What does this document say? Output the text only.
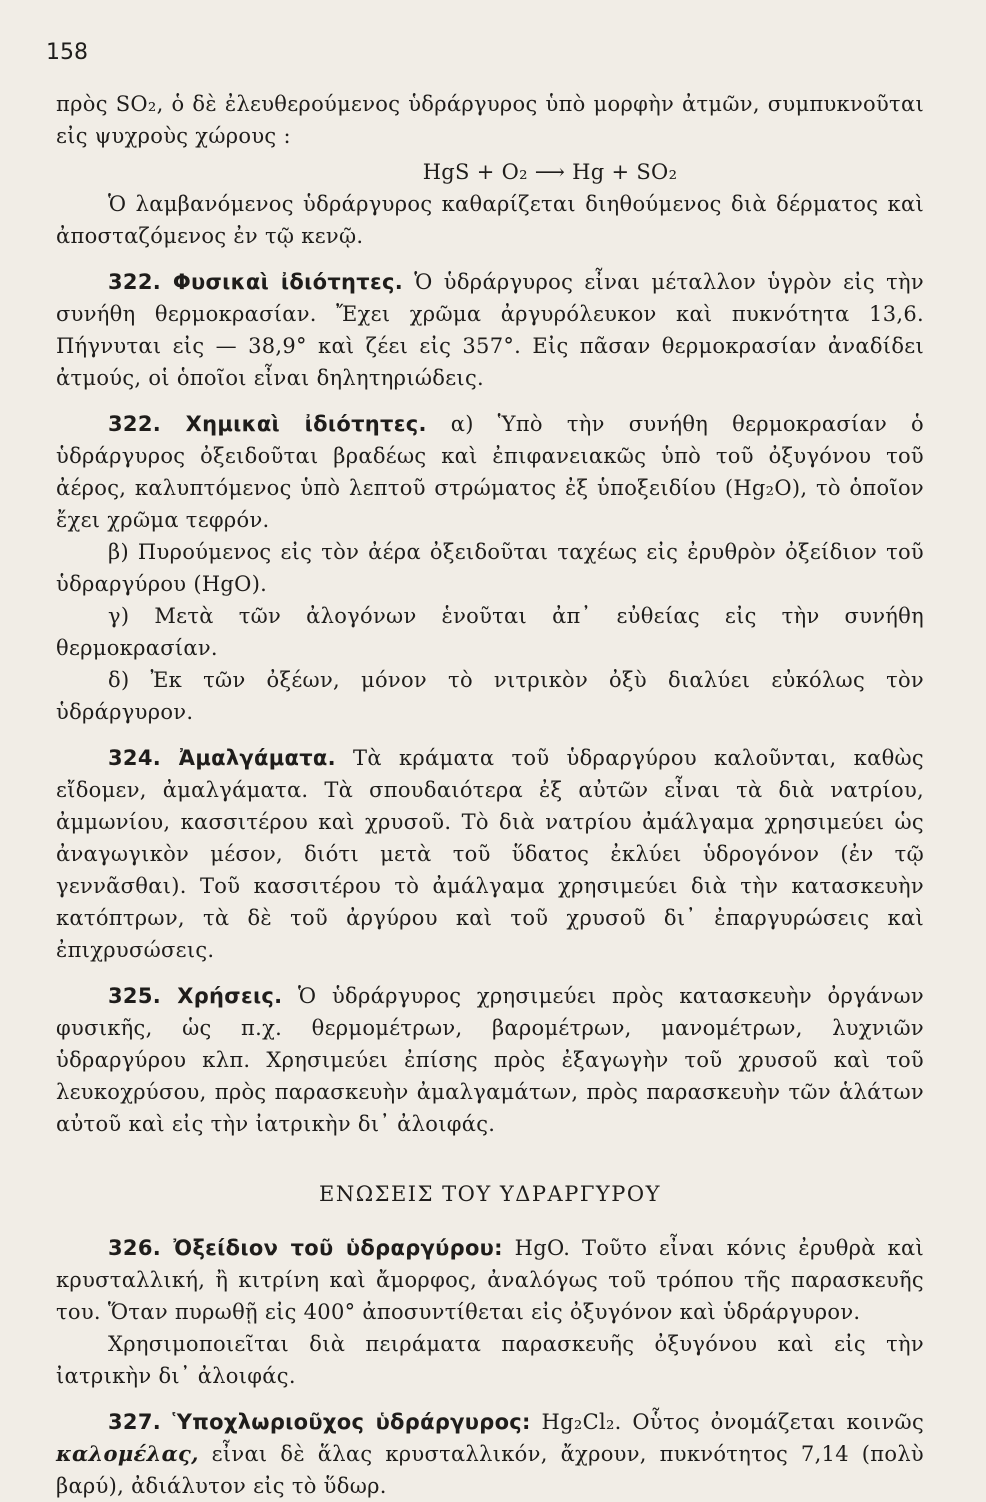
158

πρὸς SO₂, ὁ δὲ ἐλευθερούμενος ὑδράργυρος ὑπὸ μορφὴν ἀτμῶν, συμπυκνοῦται εἰς ψυχροὺς χώρους :

HgS + O₂ ⟶ Hg + SO₂

Ὁ λαμβανόμενος ὑδράργυρος καθαρίζεται διηθούμενος διὰ δέρματος καὶ ἀποσταζόμενος ἐν τῷ κενῷ.

322. Φυσικαὶ ἰδιότητες. Ὁ ὑδράργυρος εἶναι μέταλλον ὑγρὸν εἰς τὴν συνήθη θερμοκρασίαν. Ἔχει χρῶμα ἀργυρόλευκον καὶ πυκνότητα 13,6. Πήγνυται εἰς — 38,9° καὶ ζέει εἰς 357°. Εἰς πᾶσαν θερμοκρασίαν ἀναδίδει ἀτμούς, οἱ ὁποῖοι εἶναι δηλητηριώδεις.

322. Χημικαὶ ἰδιότητες. α) Ὑπὸ τὴν συνήθη θερμοκρασίαν ὁ ὑδράργυρος ὀξειδοῦται βραδέως καὶ ἐπιφανειακῶς ὑπὸ τοῦ ὀξυγόνου τοῦ ἀέρος, καλυπτόμενος ὑπὸ λεπτοῦ στρώματος ἐξ ὑποξειδίου (Hg₂O), τὸ ὁποῖον ἔχει χρῶμα τεφρόν.

β) Πυρούμενος εἰς τὸν ἀέρα ὀξειδοῦται ταχέως εἰς ἐρυθρὸν ὀξείδιον τοῦ ὑδραργύρου (HgO).

γ) Μετὰ τῶν ἀλογόνων ἑνοῦται ἀπ᾽ εὐθείας εἰς τὴν συνήθη θερμοκρασίαν.

δ) Ἐκ τῶν ὀξέων, μόνον τὸ νιτρικὸν ὀξὺ διαλύει εὐκόλως τὸν ὑδράργυρον.

324. Ἀμαλγάματα. Τὰ κράματα τοῦ ὑδραργύρου καλοῦνται, καθὼς εἴδομεν, ἀμαλγάματα. Τὰ σπουδαιότερα ἐξ αὐτῶν εἶναι τὰ διὰ νατρίου, ἀμμωνίου, κασσιτέρου καὶ χρυσοῦ. Τὸ διὰ νατρίου ἀμάλγαμα χρησιμεύει ὡς ἀναγωγικὸν μέσον, διότι μετὰ τοῦ ὕδατος ἐκλύει ὑδρογόνον (ἐν τῷ γεννᾶσθαι). Τοῦ κασσιτέρου τὸ ἀμάλγαμα χρησιμεύει διὰ τὴν κατασκευὴν κατόπτρων, τὰ δὲ τοῦ ἀργύρου καὶ τοῦ χρυσοῦ δι᾽ ἐπαργυρώσεις καὶ ἐπιχρυσώσεις.

325. Χρήσεις. Ὁ ὑδράργυρος χρησιμεύει πρὸς κατασκευὴν ὀργάνων φυσικῆς, ὡς π.χ. θερμομέτρων, βαρομέτρων, μανομέτρων, λυχνιῶν ὑδραργύρου κλπ. Χρησιμεύει ἐπίσης πρὸς ἐξαγωγὴν τοῦ χρυσοῦ καὶ τοῦ λευκοχρύσου, πρὸς παρασκευὴν ἀμαλγαμάτων, πρὸς παρασκευὴν τῶν ἁλάτων αὐτοῦ καὶ εἰς τὴν ἰατρικὴν δι᾽ ἀλοιφάς.

ΕΝΩΣΕΙΣ ΤΟΥ ΥΔΡΑΡΓΥΡΟΥ

326. Ὀξείδιον τοῦ ὑδραργύρου: HgO. Τοῦτο εἶναι κόνις ἐρυθρὰ καὶ κρυσταλλική, ἢ κιτρίνη καὶ ἄμορφος, ἀναλόγως τοῦ τρόπου τῆς παρασκευῆς του. Ὅταν πυρωθῇ εἰς 400° ἀποσυντίθεται εἰς ὀξυγόνον καὶ ὑδράργυρον.

Χρησιμοποιεῖται διὰ πειράματα παρασκευῆς ὀξυγόνου καὶ εἰς τὴν ἰατρικὴν δι᾽ ἀλοιφάς.

327. Ὑποχλωριοῦχος ὑδράργυρος: Hg₂Cl₂. Οὗτος ὀνομάζεται κοινῶς καλομέλας, εἶναι δὲ ἅλας κρυσταλλικόν, ἄχρουν, πυκνότητος 7,14 (πολὺ βαρύ), ἀδιάλυτον εἰς τὸ ὕδωρ.
